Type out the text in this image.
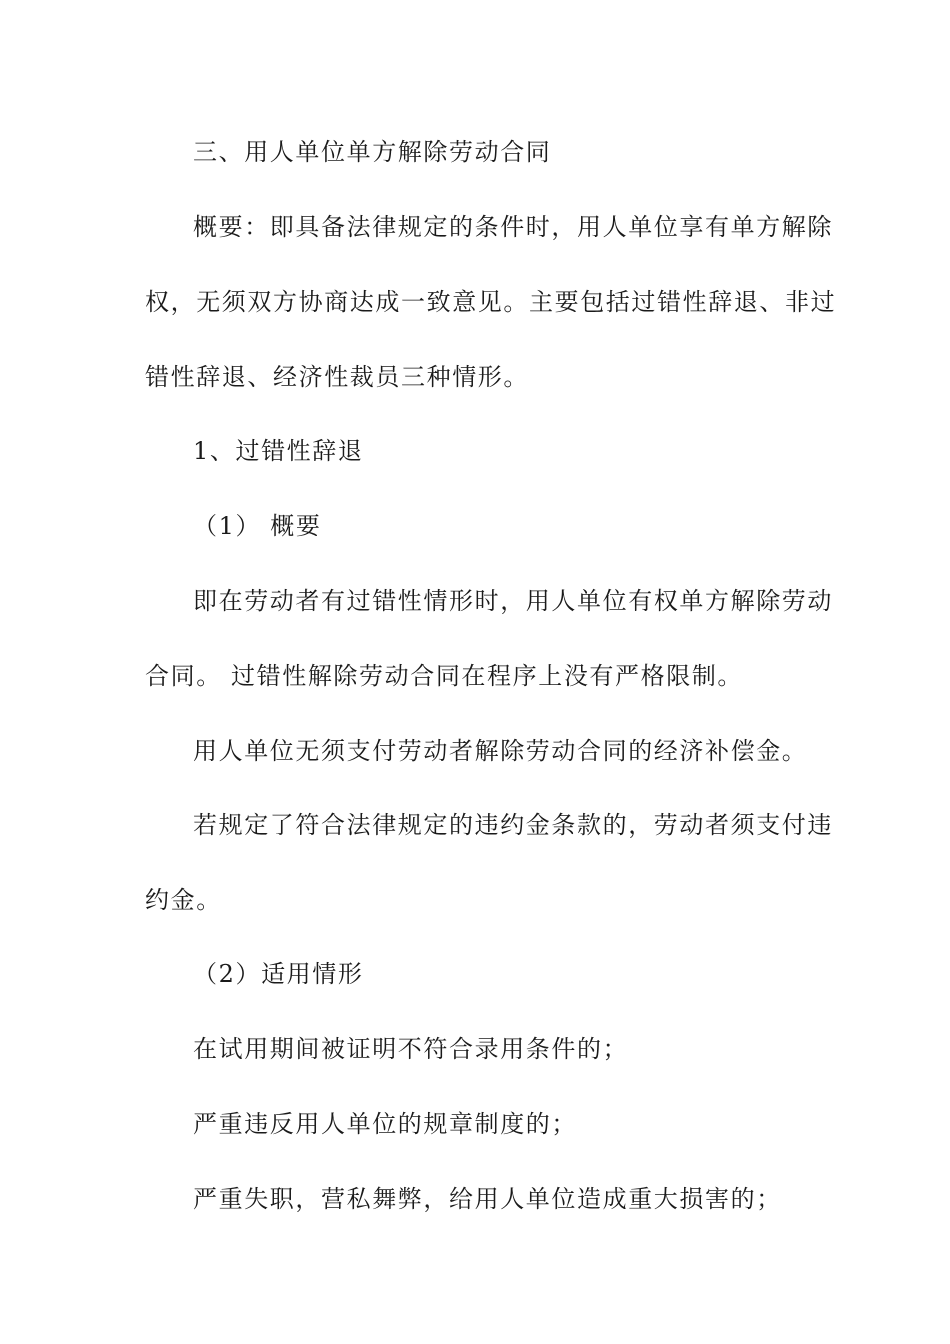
三、用人单位单方解除劳动合同

概要：即具备法律规定的条件时，用人单位享有单方解除

权，无须双方协商达成一致意见。主要包括过错性辞退、非过

错性辞退、经济性裁员三种情形。

1、过错性辞退

（1） 概要

即在劳动者有过错性情形时，用人单位有权单方解除劳动

合同。 过错性解除劳动合同在程序上没有严格限制。

用人单位无须支付劳动者解除劳动合同的经济补偿金。

若规定了符合法律规定的违约金条款的，劳动者须支付违

约金。

（2）适用情形

在试用期间被证明不符合录用条件的；

严重违反用人单位的规章制度的；

严重失职，营私舞弊，给用人单位造成重大损害的；
